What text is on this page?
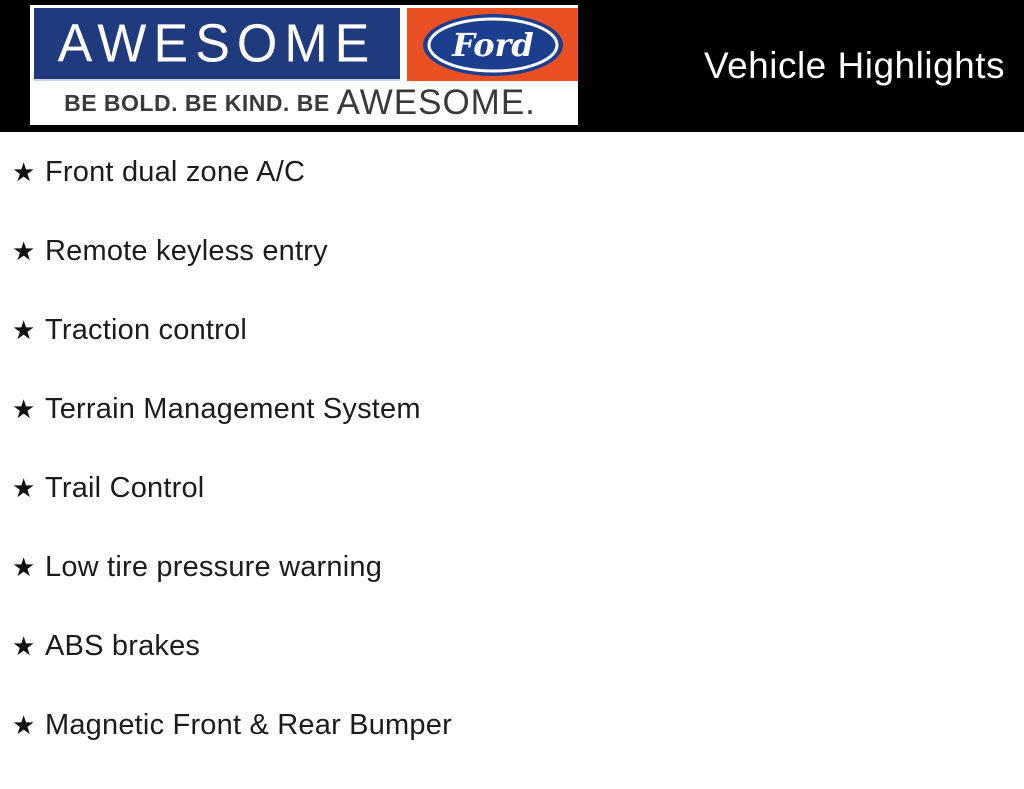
AWESOME Ford
BE BOLD. BE KIND. BE AWESOME.™	Vehicle Highlights
★ Front dual zone A/C
★ Remote keyless entry
★ Traction control
★ Terrain Management System
★ Trail Control
★ Low tire pressure warning
★ ABS brakes
★ Magnetic Front & Rear Bumper
